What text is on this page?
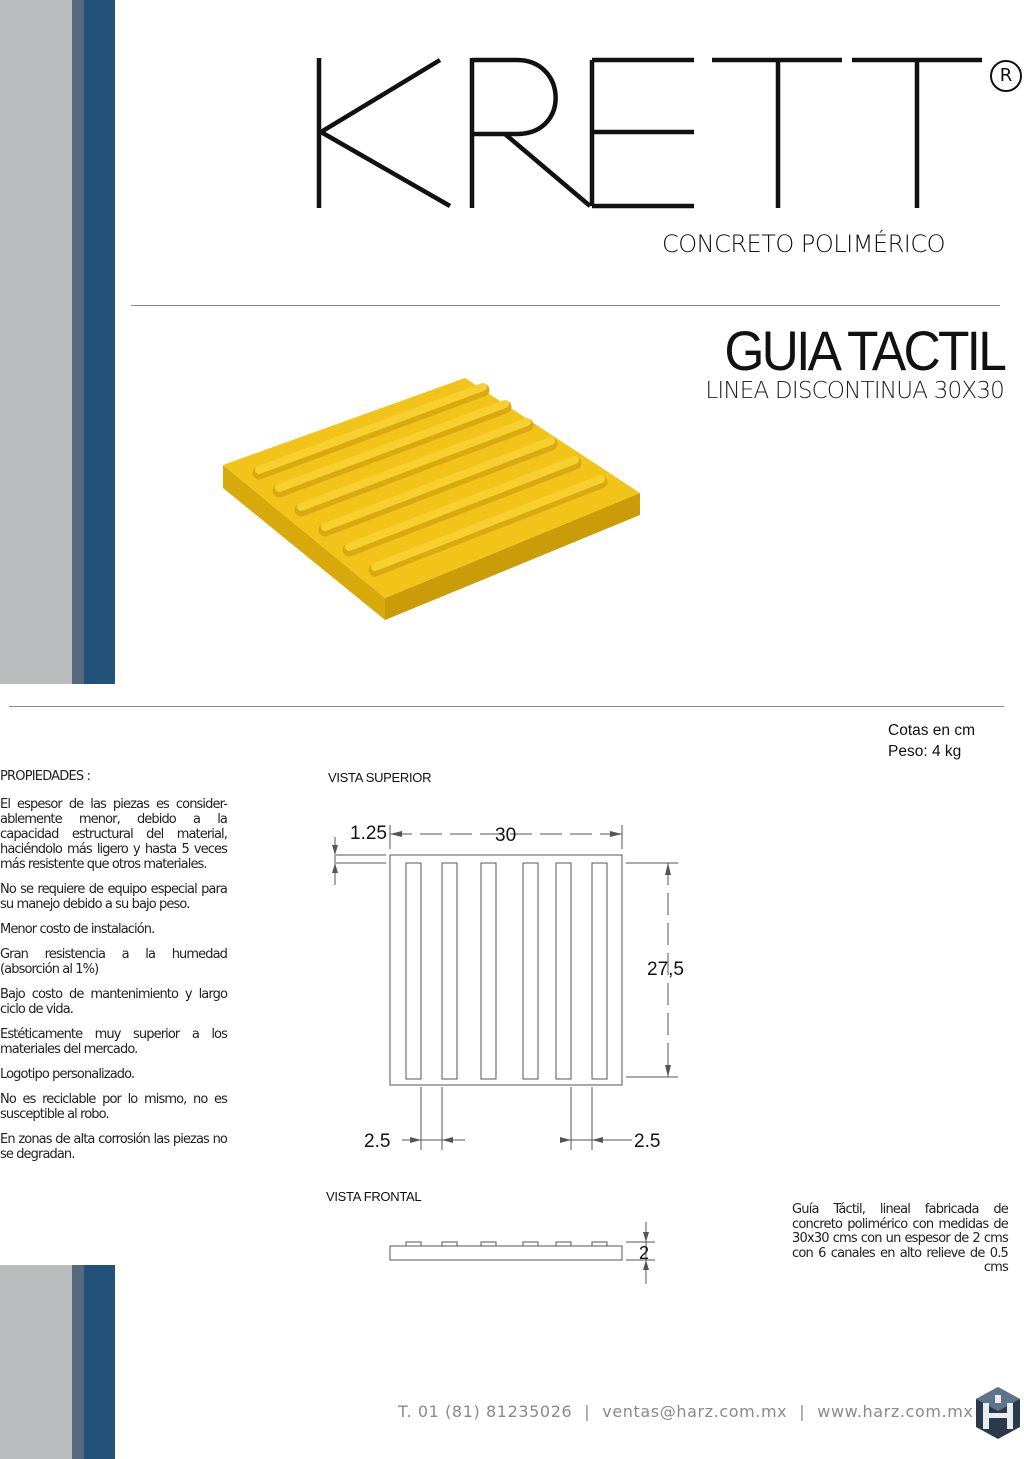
R
CONCRETO POLIMÉRICO
GUIA TACTIL
LINEA DISCONTINUA 30X30
Cotas en cm
Peso: 4 kg
PROPIEDADES :

El espesor de las piezas es consider-ablemente menor, debido a la capacidad estructural del material, haciéndolo más ligero y hasta 5 veces más resistente que otros materiales.

No se requiere de equipo especial para su manejo debido a su bajo peso.

Menor costo de instalación.

Gran resistencia a la humedad (absorción al 1%)

Bajo costo de mantenimiento y largo ciclo de vida.

Estéticamente muy superior a los materiales del mercado.

Logotipo personalizado.

No es reciclable por lo mismo, no es susceptible al robo.

En zonas de alta corrosión las piezas no se degradan.

VISTA SUPERIOR
1.25	30
27,5
2.5	2.5
VISTA FRONTAL
2
Guía Táctil, lineal fabricada de concreto polimérico con medidas de 30x30 cms con un espesor de 2 cms con 6 canales en alto relieve de 0.5 cms
T. 01 (81) 81235026 | ventas@harz.com.mx | www.harz.com.mx
